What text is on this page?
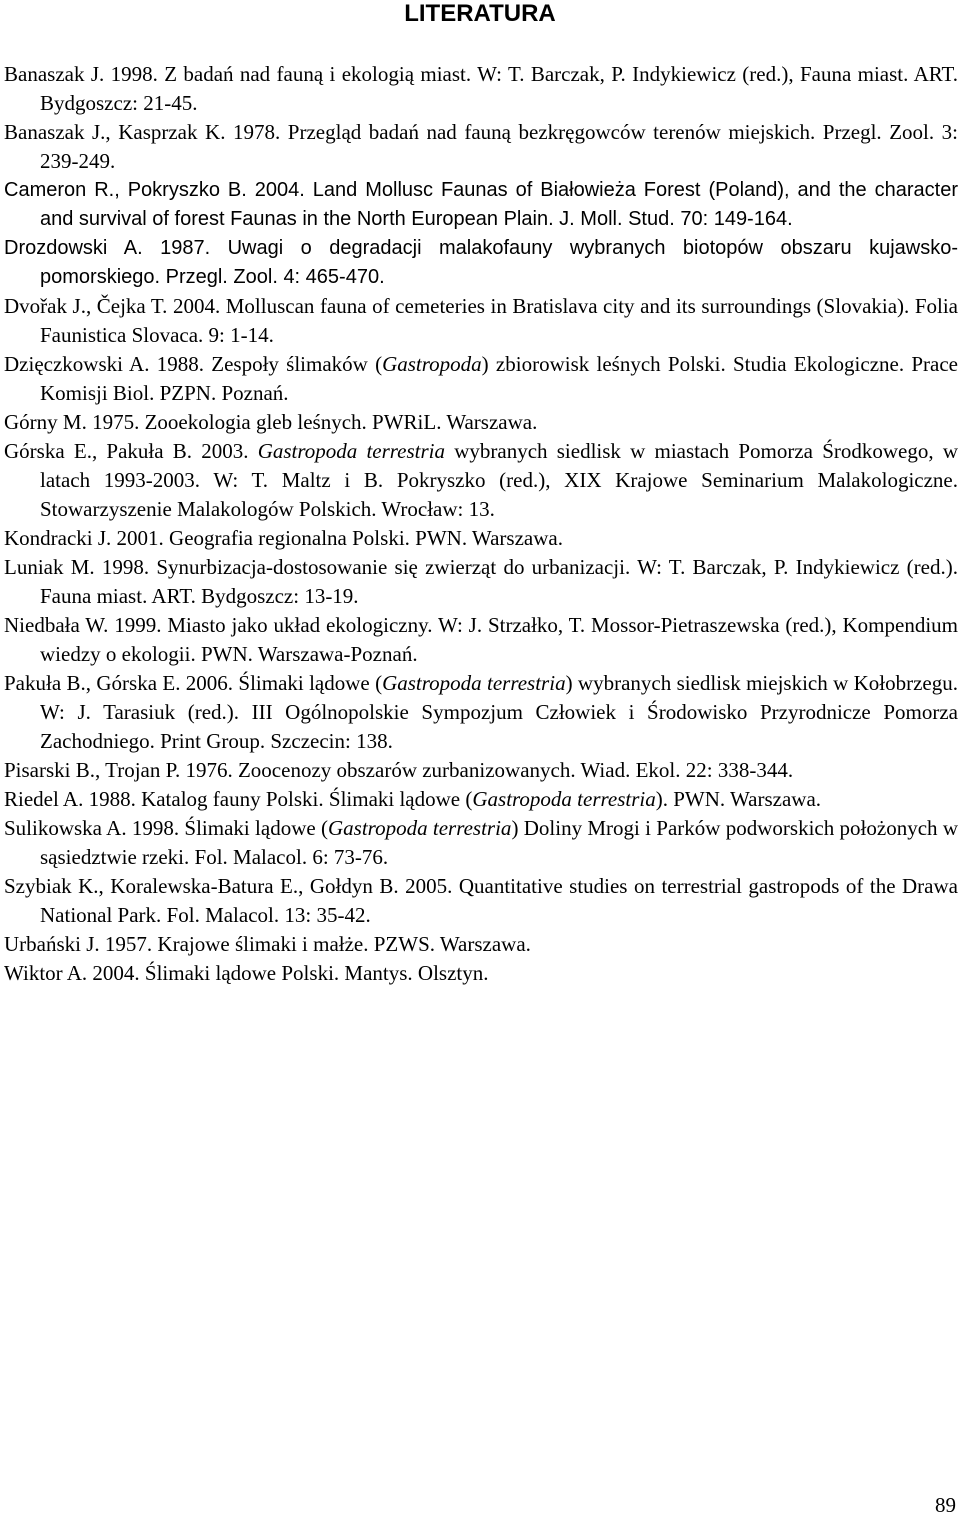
LITERATURA
Banaszak J. 1998. Z badań nad fauną i ekologią miast. W: T. Barczak, P. Indykiewicz (red.), Fauna miast. ART. Bydgoszcz: 21-45.
Banaszak J., Kasprzak K. 1978. Przegląd badań nad fauną bezkręgowców terenów miejskich. Przegl. Zool. 3: 239-249.
Cameron R., Pokryszko B. 2004. Land Mollusc Faunas of Białowieża Forest (Poland), and the character and survival of forest Faunas in the North European Plain. J. Moll. Stud. 70: 149-164.
Drozdowski A. 1987. Uwagi o degradacji malakofauny wybranych biotopów obszaru kujawsko-pomorskiego. Przegl. Zool. 4: 465-470.
Dvořak J., Čejka T. 2004. Molluscan fauna of cemeteries in Bratislava city and its surroundings (Slovakia). Folia Faunistica Slovaca. 9: 1-14.
Dzięczkowski A. 1988. Zespoły ślimaków (Gastropoda) zbiorowisk leśnych Polski. Studia Ekologiczne. Prace Komisji Biol. PZPN. Poznań.
Górny M. 1975. Zooekologia gleb leśnych. PWRiL. Warszawa.
Górska E., Pakuła B. 2003. Gastropoda terrestria wybranych siedlisk w miastach Pomorza Środkowego, w latach 1993-2003. W: T. Maltz i B. Pokryszko (red.), XIX Krajowe Seminarium Malakologiczne. Stowarzyszenie Malakologów Polskich. Wrocław: 13.
Kondracki J. 2001. Geografia regionalna Polski. PWN. Warszawa.
Luniak M. 1998. Synurbizacja-dostosowanie się zwierząt do urbanizacji. W: T. Barczak, P. Indykiewicz (red.). Fauna miast. ART. Bydgoszcz: 13-19.
Niedbała W. 1999. Miasto jako układ ekologiczny. W: J. Strzałko, T. Mossor-Pietraszewska (red.), Kompendium wiedzy o ekologii. PWN. Warszawa-Poznań.
Pakuła B., Górska E. 2006. Ślimaki lądowe (Gastropoda terrestria) wybranych siedlisk miejskich w Kołobrzegu. W: J. Tarasiuk (red.). III Ogólnopolskie Sympozjum Człowiek i Środowisko Przyrodnicze Pomorza Zachodniego. Print Group. Szczecin: 138.
Pisarski B., Trojan P. 1976. Zoocenozy obszarów zurbanizowanych. Wiad. Ekol. 22: 338-344.
Riedel A. 1988. Katalog fauny Polski. Ślimaki lądowe (Gastropoda terrestria). PWN. Warszawa.
Sulikowska A. 1998. Ślimaki lądowe (Gastropoda terrestria) Doliny Mrogi i Parków podworskich położonych w sąsiedztwie rzeki. Fol. Malacol. 6: 73-76.
Szybiak K., Koralewska-Batura E., Gołdyn B. 2005. Quantitative studies on terrestrial gastropods of the Drawa National Park. Fol. Malacol. 13: 35-42.
Urbański J. 1957. Krajowe ślimaki i małże. PZWS. Warszawa.
Wiktor A. 2004. Ślimaki lądowe Polski. Mantys. Olsztyn.
89
